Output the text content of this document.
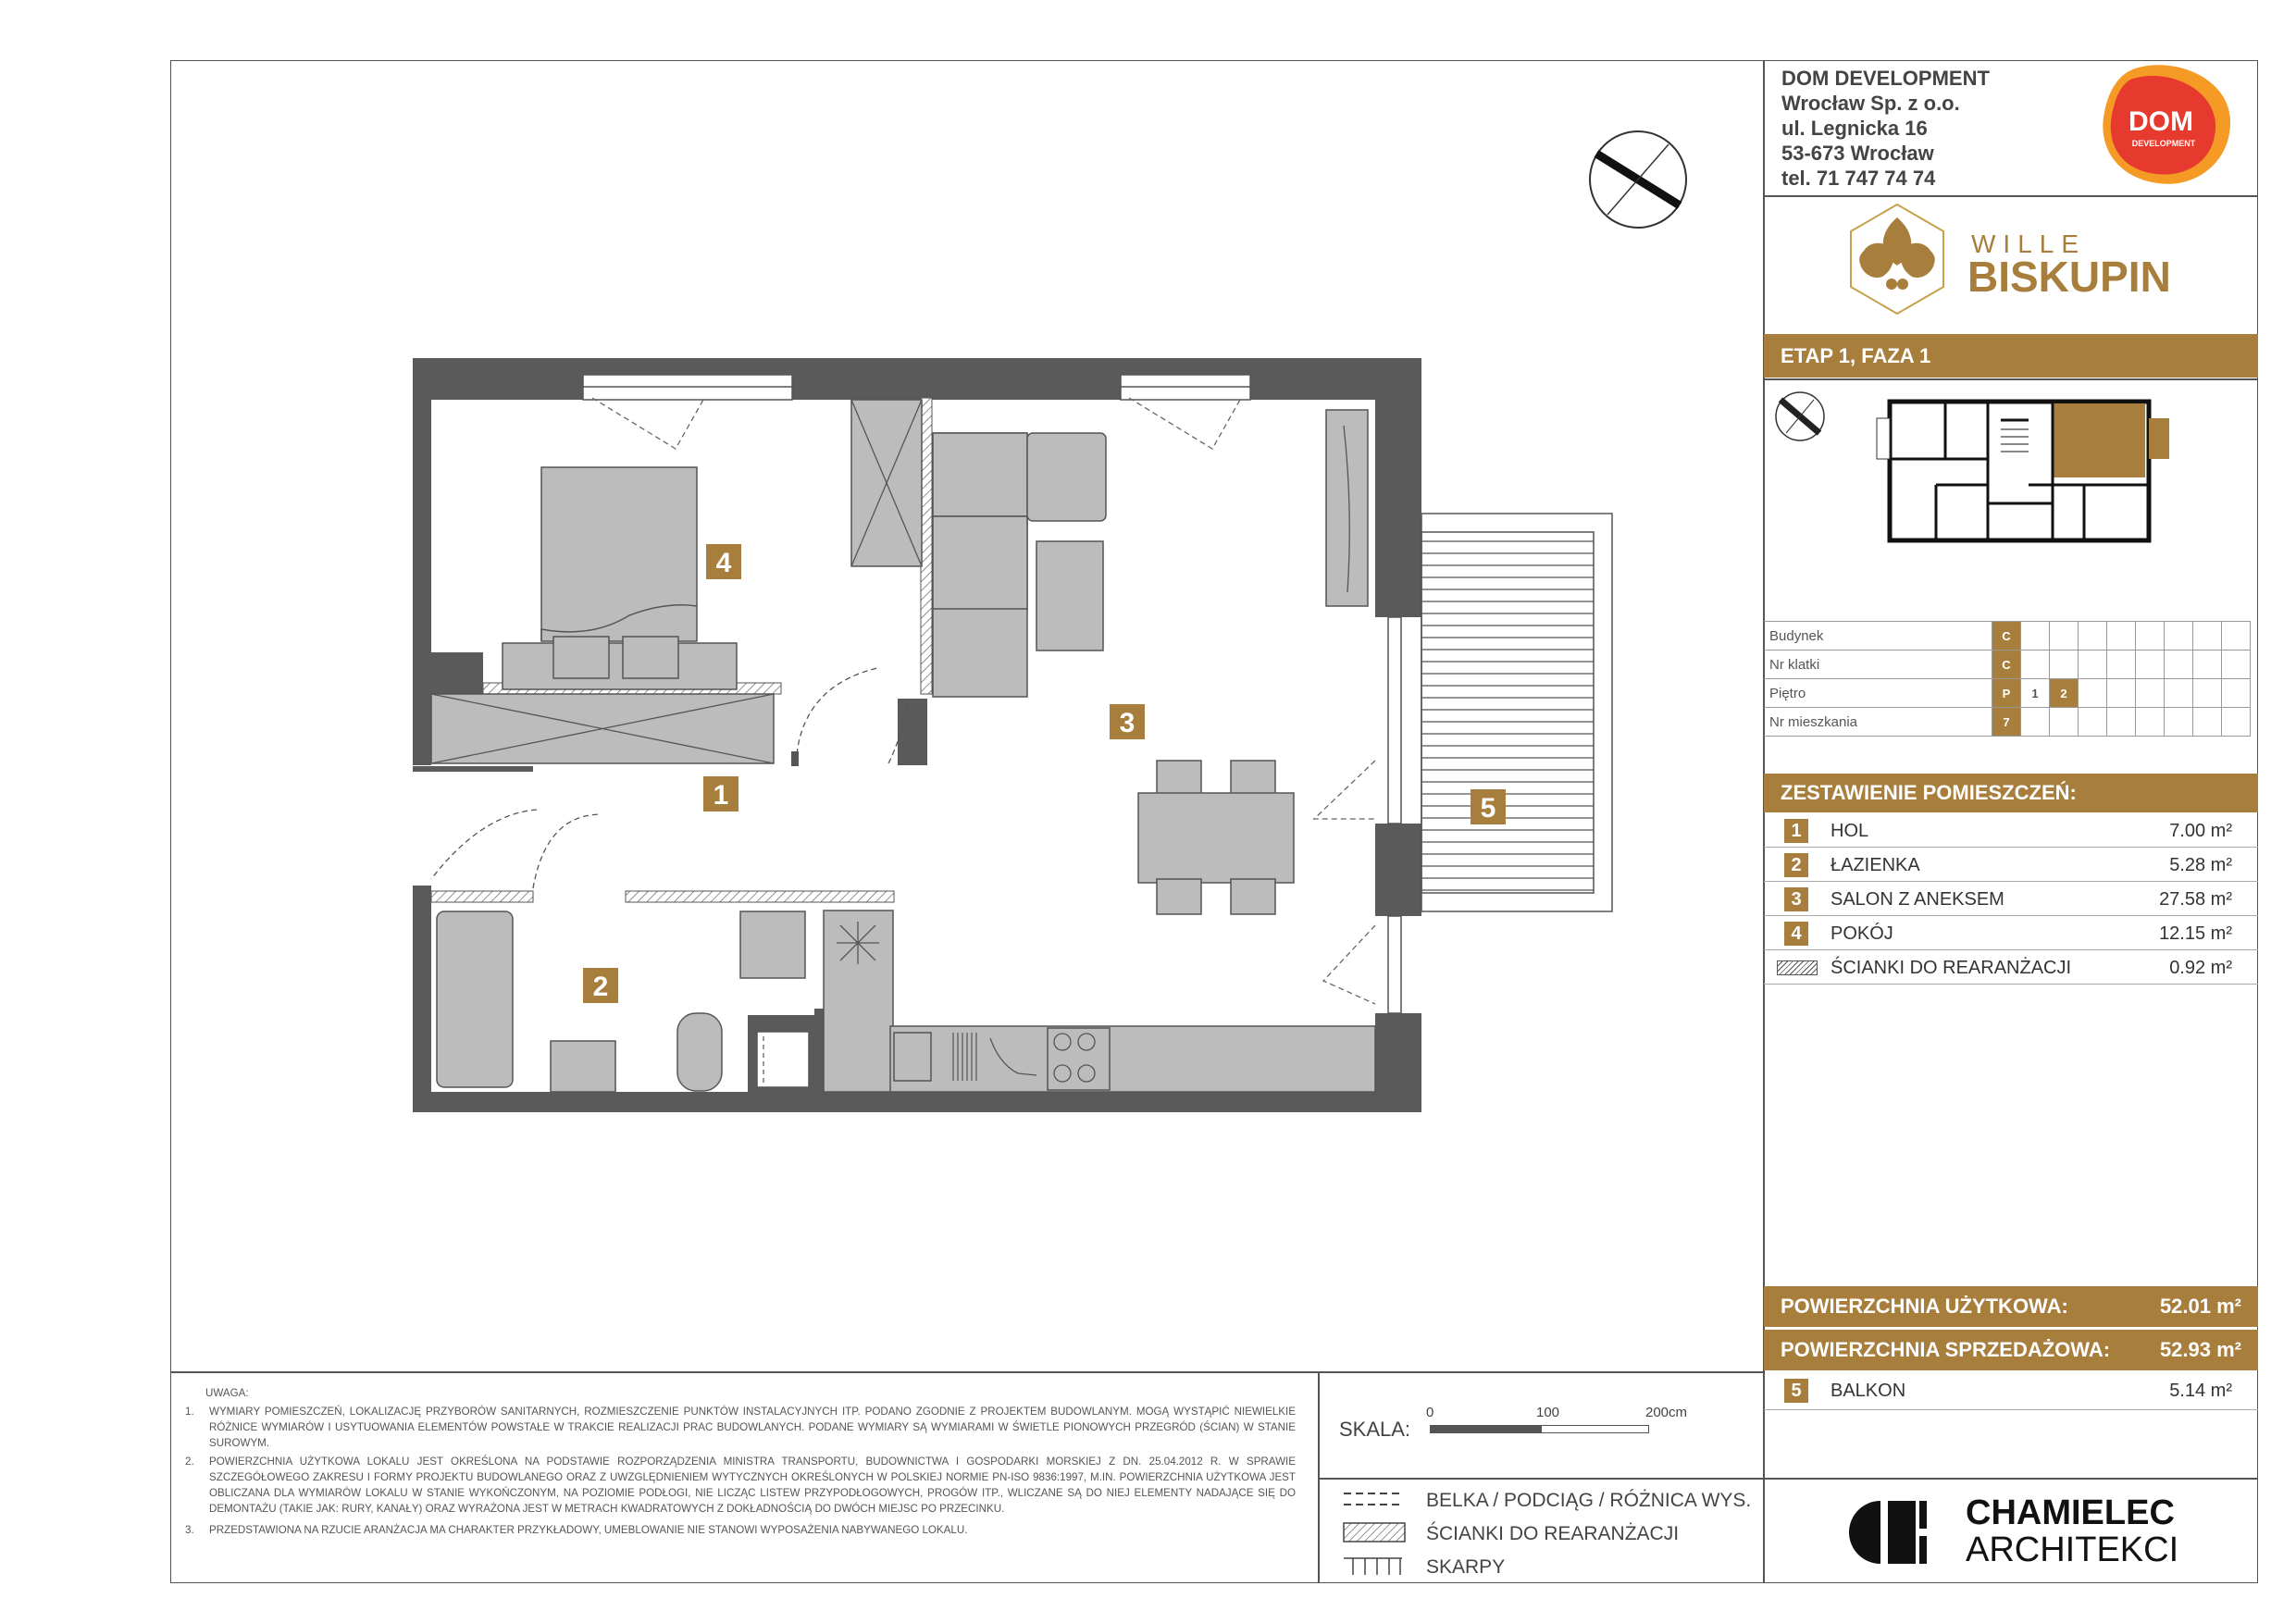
DOM DEVELOPMENT
Wrocław Sp. z o.o.
ul. Legnicka 16
53-673 Wrocław
tel. 71 747 74 74
DOM
DEVELOPMENT
WILLE
BISKUPIN
ETAP 1, FAZA 1
Budynek	C								
Nr klatki	C								
Piętro	P	1	2						
Nr mieszkania	7								
ZESTAWIENIE POMIESZCZEŃ:
1	HOL	7.00 m²
2	ŁAZIENKA	5.28 m²
3	SALON Z ANEKSEM	27.58 m²
4	POKÓJ	12.15 m²
ŚCIANKI DO REARANŻACJI	0.92 m²
POWIERZCHNIA UŻYTKOWA:	52.01 m²
POWIERZCHNIA SPRZEDAŻOWA: 52.93 m²
5	BALKON	5.14 m²
UWAGA:
1. WYMIARY POMIESZCZEŃ, LOKALIZACJĘ PRZYBORÓW SANITARNYCH, ROZMIESZCZENIE PUNKTÓW INSTALACYJNYCH ITP. PODANO ZGODNIE Z PROJEKTEM BUDOWLANYM. MOGĄ WYSTĄPIĆ NIEWIELKIE RÓŻNICE WYMIARÓW I USYTUOWANIA ELEMENTÓW POWSTAŁE W TRAKCIE REALIZACJI PRAC BUDOWLANYCH. PODANE WYMIARY SĄ WYMIARAMI W ŚWIETLE PIONOWYCH PRZEGRÓD (ŚCIAN) W STANIE SUROWYM.
2. POWIERZCHNIA UŻYTKOWA LOKALU JEST OKREŚLONA NA PODSTAWIE ROZPORZĄDZENIA MINISTRA TRANSPORTU, BUDOWNICTWA I GOSPODARKI MORSKIEJ Z DN. 25.04.2012 R. W SPRAWIE SZCZEGÓŁOWEGO ZAKRESU I FORMY PROJEKTU BUDOWLANEGO ORAZ Z UWZGLĘDNIENIEM WYTYCZNYCH OKREŚLONYCH W POLSKIEJ NORMIE PN-ISO 9836:1997, M.IN. POWIERZCHNIA UŻYTKOWA JEST OBLICZANA DLA WYMIARÓW LOKALU W STANIE WYKOŃCZONYM, NA POZIOMIE PODŁOGI, NIE LICZĄC LISTEW PRZYPODŁOGOWYCH, PROGÓW ITP., WLICZANE SĄ DO NIEJ ELEMENTY NADAJĄCE SIĘ DO DEMONTAŻU (TAKIE JAK: RURY, KANAŁY) ORAZ WYRAŻONA JEST W METRACH KWADRATOWYCH Z DOKŁADNOŚCIĄ DO DWÓCH MIEJSC PO PRZECINKU.
3. PRZEDSTAWIONA NA RZUCIE ARANŻACJA MA CHARAKTER PRZYKŁADOWY, UMEBLOWANIE NIE STANOWI WYPOSAŻENIA NABYWANEGO LOKALU.
SKALA:
0	100	200cm
BELKA / PODCIĄG / RÓŻNICA WYS.
ŚCIANKI DO REARANŻACJI
SKARPY
CHAMIELEC
ARCHITEKCI
4
3
1
2
5
